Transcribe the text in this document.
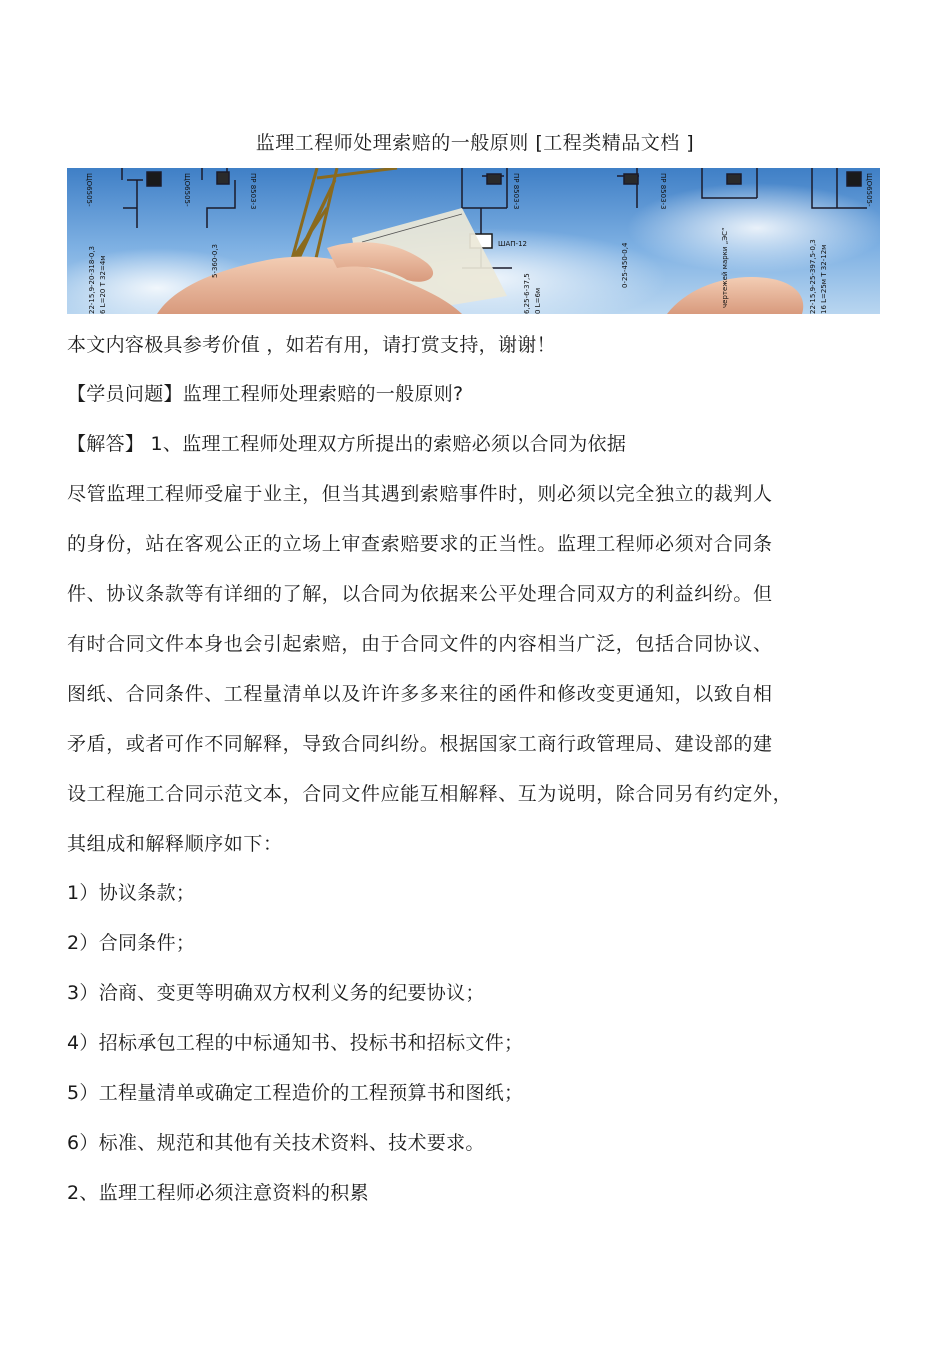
监理工程师处理索赔的一般原则 [工程类精品文档 ]
ЩО6505-	ЩО6505-	ПР 8503-3
ШАП-12
ПР 8503-3	ПР 8503-3	ЩО6505-
22-15,9-20-318-0,3 6 L=20 T 32=4м	5-360-0,3
6,25-6-37,5 0 L=6м
0-25-450-0,4	чертежей марки „ЭС“	22-15,9-25-397,5-0,3 16 L=25м T 32-12м
本文内容极具参考价值 ，如若有用，请打赏支持，谢谢！
【学员问题】监理工程师处理索赔的一般原则?
【解答】 1、监理工程师处理双方所提出的索赔必须以合同为依据
尽管监理工程师受雇于业主，但当其遇到索赔事件时，则必须以完全独立的裁判人
的身份，站在客观公正的立场上审查索赔要求的正当性。监理工程师必须对合同条
件、协议条款等有详细的了解，以合同为依据来公平处理合同双方的利益纠纷。但
有时合同文件本身也会引起索赔，由于合同文件的内容相当广泛，包括合同协议、
图纸、合同条件、工程量清单以及许许多多来往的函件和修改变更通知，以致自相
矛盾，或者可作不同解释，导致合同纠纷。根据国家工商行政管理局、建设部的建
设工程施工合同示范文本，合同文件应能互相解释、互为说明，除合同另有约定外，
其组成和解释顺序如下：
1）协议条款；
2）合同条件；
3）洽商、变更等明确双方权利义务的纪要协议；
4）招标承包工程的中标通知书、投标书和招标文件；
5）工程量清单或确定工程造价的工程预算书和图纸；
6）标准、规范和其他有关技术资料、技术要求。
2、监理工程师必须注意资料的积累
